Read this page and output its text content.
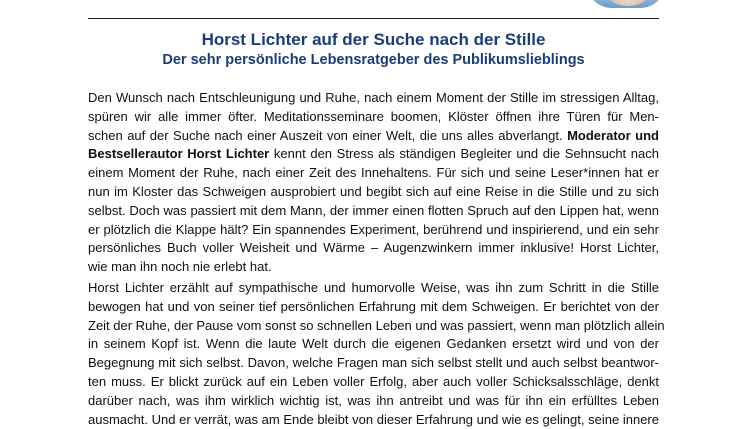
Horst Lichter auf der Suche nach der Stille
Der sehr persönliche Lebensratgeber des Publikumslieblings
Den Wunsch nach Entschleunigung und Ruhe, nach einem Moment der Stille im stressigen Alltag,
spüren wir alle immer öfter. Meditationsseminare boomen, Klöster öffnen ihre Türen für Men-
schen auf der Suche nach einer Auszeit von einer Welt, die uns alles abverlangt. Moderator und
Bestsellerautor Horst Lichter kennt den Stress als ständigen Begleiter und die Sehnsucht nach
einem Moment der Ruhe, nach einer Zeit des Innehaltens. Für sich und seine Leser*innen hat er
nun im Kloster das Schweigen ausprobiert und begibt sich auf eine Reise in die Stille und zu sich
selbst. Doch was passiert mit dem Mann, der immer einen flotten Spruch auf den Lippen hat, wenn
er plötzlich die Klappe hält? Ein spannendes Experiment, berührend und inspirierend, und ein sehr
persönliches Buch voller Weisheit und Wärme – Augenzwinkern immer inklusive! Horst Lichter,
wie man ihn noch nie erlebt hat.
Horst Lichter erzählt auf sympathische und humorvolle Weise, was ihn zum Schritt in die Stille
bewogen hat und von seiner tief persönlichen Erfahrung mit dem Schweigen. Er berichtet von der
Zeit der Ruhe, der Pause vom sonst so schnellen Leben und was passiert, wenn man plötzlich allein
in seinem Kopf ist. Wenn die laute Welt durch die eigenen Gedanken ersetzt wird und von der
Begegnung mit sich selbst. Davon, welche Fragen man sich selbst stellt und auch selbst beantwor-
ten muss. Er blickt zurück auf ein Leben voller Erfolg, aber auch voller Schicksalsschläge, denkt
darüber nach, was ihm wirklich wichtig ist, was ihn antreibt und was für ihn ein erfülltes Leben
ausmacht. Und er verrät, was am Ende bleibt von dieser Erfahrung und wie es gelingt, seine innere
